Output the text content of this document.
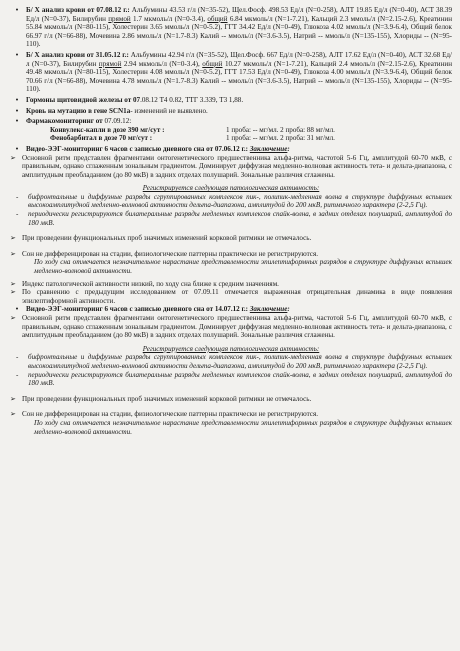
•	Б/ Х анализ крови от 07.08.12 г.: Альбумины 43.53 г/л (N=35-52), Щел.Фосф. 498.53 Ед/л (N=0-258), АЛТ 19.85 Ед/л (N=0-40), АСТ 38.39 Ед/л (N=0-37), Билирубин прямой 1.7 мкмоль/л (N=0-3.4), общий 6.84 мкмоль/л (N=1-7.21), Кальций 2.3 ммоль/л (N=2.15-2.6), Креатинин 55.84 мкмоль/л (N=80-115), Холестерин 3.65 ммоль/л (N=0-5.2), ГГТ 34.42 Ед/л (N=0-49), Глюкоза 4.02 ммоль/л (N=3.9-6.4), Общий белок 66.97 г/л (N=66-88), Мочевина 2.86 ммоль/л (N=1.7-8.3) Калий -- ммоль/л (N=3.6-3.5), Натрий -- ммоль/л (N=135-155), Хлориды -- (N=95-110).
•	Б/ Х анализ крови от 31.05.12 г.: Альбумины 42.94 г/л (N=35-52), Щел.Фосф. 667 Ед/л (N=0-258), АЛТ 17.62 Ед/л (N=0-40), АСТ 32.68 Ед/л (N=0-37), Билирубин прямой 2.94 мкмоль/л (N=0-3.4), общий 10.27 мкмоль/л (N=1-7.21), Кальций 2.4 ммоль/л (N=2.15-2.6), Креатинин 49.48 мкмоль/л (N=80-115), Холестерин 4.08 ммоль/л (N=0-5.2), ГГТ 17.53 Ед/л (N=0-49), Глюкоза 4.00 ммоль/л (N=3.9-6.4), Общий белок 70.66 г/л (N=66-88), Мочевина 4.78 ммоль/л (N=1.7-8.3) Калий -- ммоль/л (N=3.6-3.5), Натрий -- ммоль/л (N=135-155), Хлориды -- (N=95-110).
•	Гормоны щитовидной железы от 07.08.12 Т4 0.82, ТТГ 3.339, Т3 1,88.
•	Кровь на мутацию в гене SCN1a- изменений не выявлено.
•	Фармакомониторинг от 07.09.12:
Конвулекс-капли в дозе 390 мг/сут :	1 проба: -- мг/мл. 2 проба: 88 мг/мл.
Фенобарбитал в дозе 70 мг/сут :	1 проба: -- мг/мл. 2 проба: 31 мг/мл.
•	Видео-ЭЭГ-мониторинг 6 часов с записью дневного сна от 07.06.12 г.: Заключение:
➢ Основной ритм представлен фрагментами онтогенетического предшественника альфа-ритма, частотой 5-6 Гц, амплитудой 60-70 мкВ, с правильным, однако сглаженным зональным градиентом. Доминирует диффузная медленно-волновая активность тета- и дельта-диапазона, с амплитудным преобладанием (до 80 мкВ) в задних отделах полушарий. Зональные различия сглажены.
Регистрируется следующая патологическая активность:
- бифронтальные и диффузные разряды сгруппированных комплексов пик-, полипик-медленная волна в структуре диффузных вспышек высокоамплитудной медленно-волновой активности дельта-диапазона, амплитудой до 200 мкВ, ритмичного характера (2-2,5 Гц).
- периодически регистрируются билатеральные разряды медленных комплексов спайк-волна, в задних отделах полушарий, амплитудой до 180 мкВ.
➢ При проведении функциональных проб значимых изменений корковой ритмики не отмечалось.
➢ Сон не дифференцирован на стадии, физиологические паттерны практически не регистрируются.
По ходу сна отмечается незначительное нарастание представленности эпилептиформных разрядов в структуре диффузных вспышек медленно-волновой активности.
➢ Индекс патологической активности низкий, по ходу сна ближе к средним значениям.
➢ По сравнению с предыдущим исследованием от 07.09.11 отмечается выраженная отрицательная динамика в виде появления эпилептиформной активности.
•	Видео-ЭЭГ-мониторинг 6 часов с записью дневного сна от 14.07.12 г.: Заключение:
➢ Основной ритм представлен фрагментами онтогенетического предшественника альфа-ритма, частотой 5-6 Гц, амплитудой 60-70 мкВ, с правильным, однако сглаженным зональным градиентом. Доминирует диффузная медленно-волновая активность тета- и дельта-диапазона, с амплитудным преобладанием (до 80 мкВ) в задних отделах полушарий. Зональные различия сглажены.
Регистрируется следующая патологическая активность:
- бифронтальные и диффузные разряды сгруппированных комплексов пик-, полипик-медленная волна в структуре диффузных вспышек высокоамплитудной медленно-волновой активности дельта-диапазона, амплитудой до 200 мкВ, ритмичного характера (2-2,5 Гц).
- периодически регистрируются билатеральные разряды медленных комплексов спайк-волна, в задних отделах полушарий, амплитудой до 180 мкВ.
➢ При проведении функциональных проб значимых изменений корковой ритмики не отмечалось.
➢ Сон не дифференцирован на стадии, физиологические паттерны практически не регистрируются.
По ходу сна отмечается незначительное нарастание представленности эпилептиформных разрядов в структуре диффузных вспышек медленно-волновой активности.
